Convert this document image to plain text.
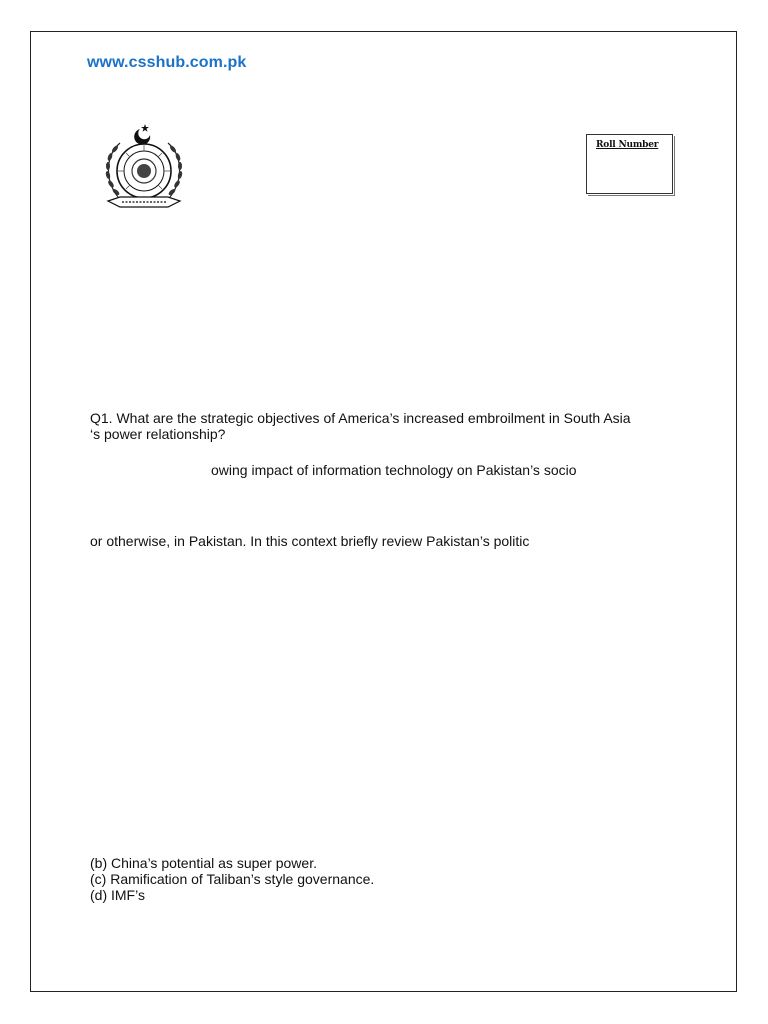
www.csshub.com.pk
Roll Number
Q1. What are the strategic objectives of America’s increased embroilment in South Asia
‘s power relationship?
owing impact of information technology on Pakistan’s socio
or otherwise, in Pakistan. In this context briefly review Pakistan’s politic
(b) China’s potential as super power.
(c) Ramification of Taliban’s style governance.
(d) IMF’s
